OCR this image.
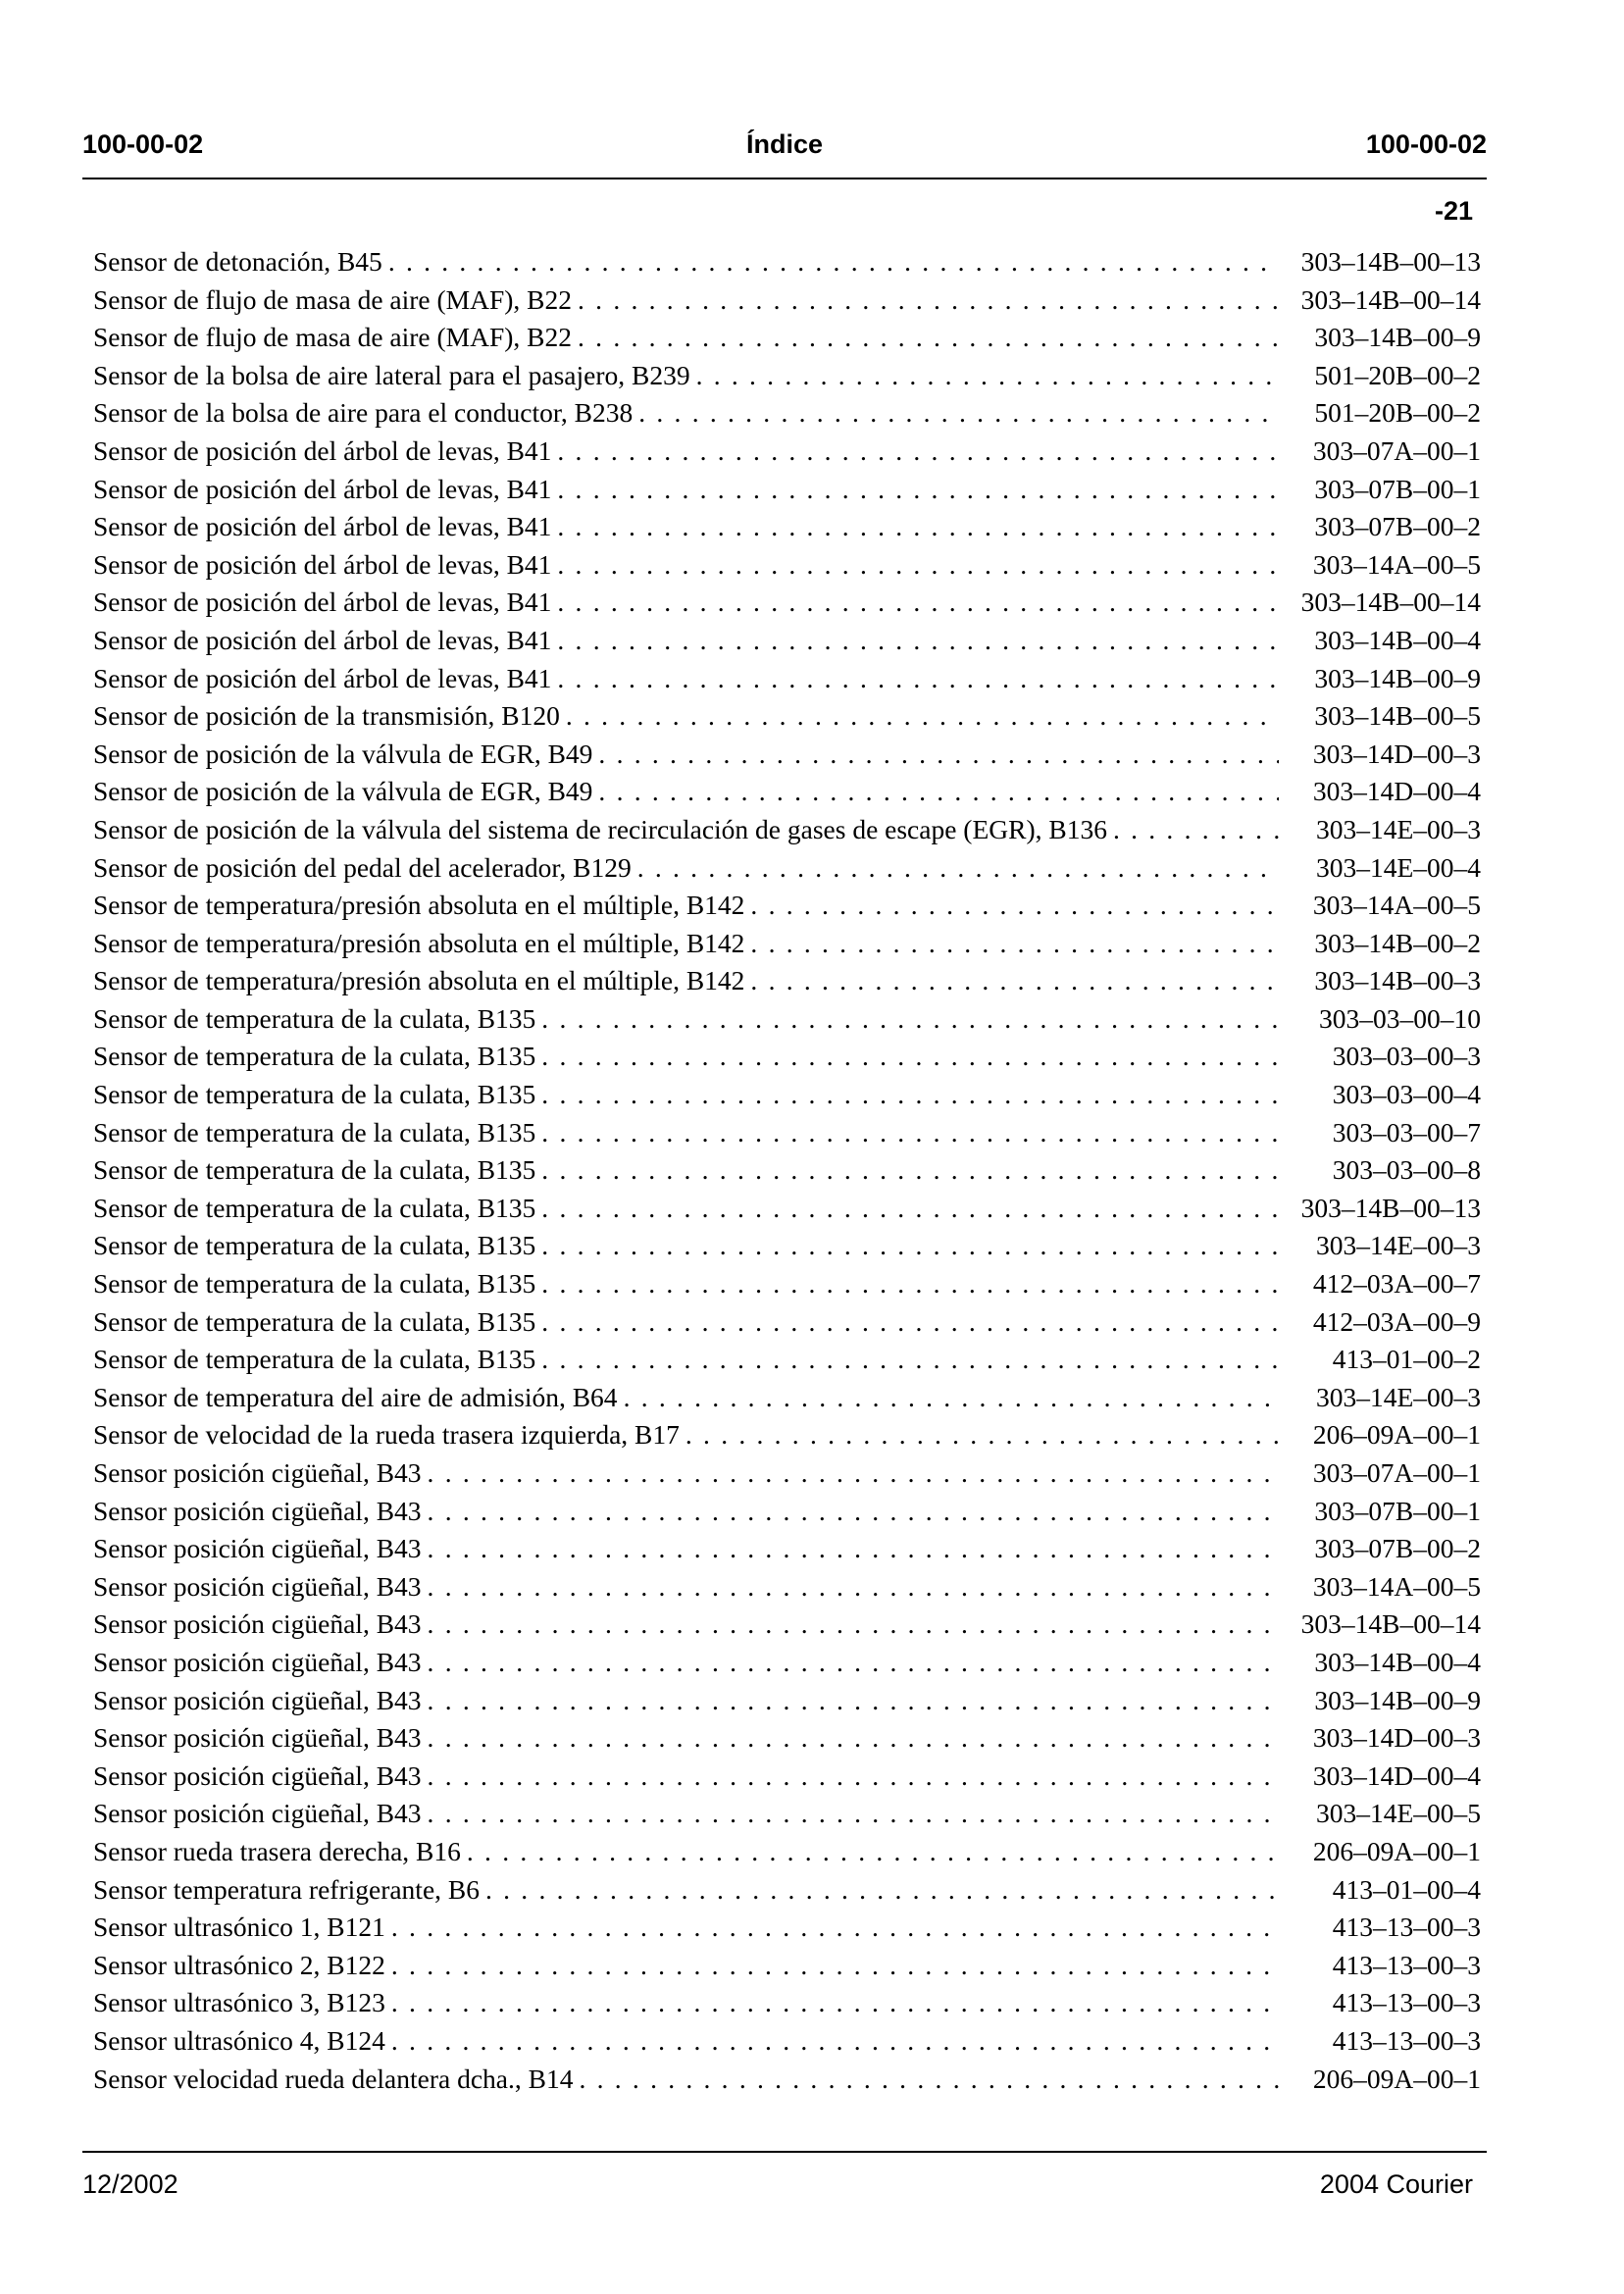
100-00-02	Índice	100-00-02
-21
Sensor de detonación, B45 . . .	303–14B–00–13
Sensor de flujo de masa de aire (MAF), B22 . . .	303–14B–00–14
Sensor de flujo de masa de aire (MAF), B22 . . .	303–14B–00–9
Sensor de la bolsa de aire lateral para el pasajero, B239 . . .	501–20B–00–2
Sensor de la bolsa de aire para el conductor, B238 . . .	501–20B–00–2
Sensor de posición del árbol de levas, B41 . . .	303–07A–00–1
Sensor de posición del árbol de levas, B41 . . .	303–07B–00–1
Sensor de posición del árbol de levas, B41 . . .	303–07B–00–2
Sensor de posición del árbol de levas, B41 . . .	303–14A–00–5
Sensor de posición del árbol de levas, B41 . . .	303–14B–00–14
Sensor de posición del árbol de levas, B41 . . .	303–14B–00–4
Sensor de posición del árbol de levas, B41 . . .	303–14B–00–9
Sensor de posición de la transmisión, B120 . . .	303–14B–00–5
Sensor de posición de la válvula de EGR, B49 . . .	303–14D–00–3
Sensor de posición de la válvula de EGR, B49 . . .	303–14D–00–4
Sensor de posición de la válvula del sistema de recirculación de gases de escape (EGR), B136 . . .	303–14E–00–3
Sensor de posición del pedal del acelerador, B129 . . .	303–14E–00–4
Sensor de temperatura/presión absoluta en el múltiple, B142 . . .	303–14A–00–5
Sensor de temperatura/presión absoluta en el múltiple, B142 . . .	303–14B–00–2
Sensor de temperatura/presión absoluta en el múltiple, B142 . . .	303–14B–00–3
Sensor de temperatura de la culata, B135 . . .	303–03–00–10
Sensor de temperatura de la culata, B135 . . .	303–03–00–3
Sensor de temperatura de la culata, B135 . . .	303–03–00–4
Sensor de temperatura de la culata, B135 . . .	303–03–00–7
Sensor de temperatura de la culata, B135 . . .	303–03–00–8
Sensor de temperatura de la culata, B135 . . .	303–14B–00–13
Sensor de temperatura de la culata, B135 . . .	303–14E–00–3
Sensor de temperatura de la culata, B135 . . .	412–03A–00–7
Sensor de temperatura de la culata, B135 . . .	412–03A–00–9
Sensor de temperatura de la culata, B135 . . .	413–01–00–2
Sensor de temperatura del aire de admisión, B64 . . .	303–14E–00–3
Sensor de velocidad de la rueda trasera izquierda, B17 . . .	206–09A–00–1
Sensor posición cigüeñal, B43 . . .	303–07A–00–1
Sensor posición cigüeñal, B43 . . .	303–07B–00–1
Sensor posición cigüeñal, B43 . . .	303–07B–00–2
Sensor posición cigüeñal, B43 . . .	303–14A–00–5
Sensor posición cigüeñal, B43 . . .	303–14B–00–14
Sensor posición cigüeñal, B43 . . .	303–14B–00–4
Sensor posición cigüeñal, B43 . . .	303–14B–00–9
Sensor posición cigüeñal, B43 . . .	303–14D–00–3
Sensor posición cigüeñal, B43 . . .	303–14D–00–4
Sensor posición cigüeñal, B43 . . .	303–14E–00–5
Sensor rueda trasera derecha, B16 . . .	206–09A–00–1
Sensor temperatura refrigerante, B6 . . .	413–01–00–4
Sensor ultrasónico 1, B121 . . .	413–13–00–3
Sensor ultrasónico 2, B122 . . .	413–13–00–3
Sensor ultrasónico 3, B123 . . .	413–13–00–3
Sensor ultrasónico 4, B124 . . .	413–13–00–3
Sensor velocidad rueda delantera dcha., B14 . . .	206–09A–00–1
12/2002	2004 Courier
